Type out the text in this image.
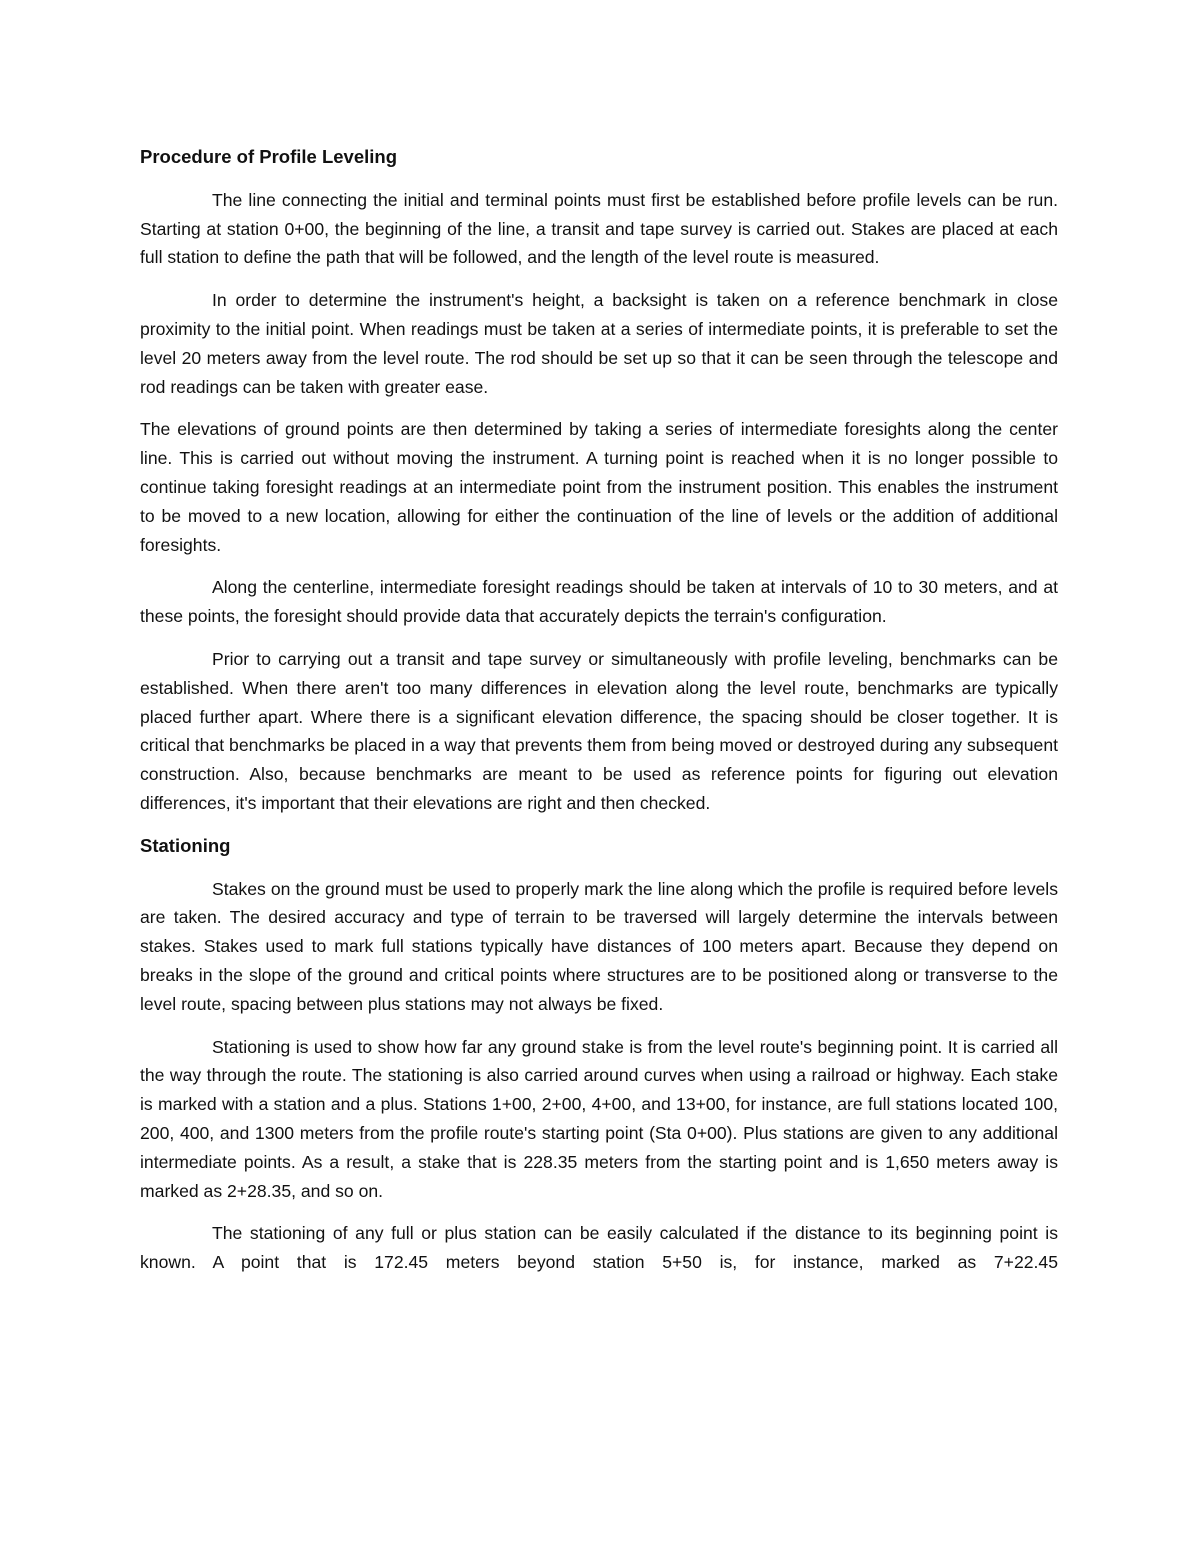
Procedure of Profile Leveling

The line connecting the initial and terminal points must first be established before profile levels can be run. Starting at station 0+00, the beginning of the line, a transit and tape survey is carried out. Stakes are placed at each full station to define the path that will be followed, and the length of the level route is measured.

In order to determine the instrument's height, a backsight is taken on a reference benchmark in close proximity to the initial point. When readings must be taken at a series of intermediate points, it is preferable to set the level 20 meters away from the level route. The rod should be set up so that it can be seen through the telescope and rod readings can be taken with greater ease.

The elevations of ground points are then determined by taking a series of intermediate foresights along the center line. This is carried out without moving the instrument. A turning point is reached when it is no longer possible to continue taking foresight readings at an intermediate point from the instrument position. This enables the instrument to be moved to a new location, allowing for either the continuation of the line of levels or the addition of additional foresights.

Along the centerline, intermediate foresight readings should be taken at intervals of 10 to 30 meters, and at these points, the foresight should provide data that accurately depicts the terrain's configuration.

Prior to carrying out a transit and tape survey or simultaneously with profile leveling, benchmarks can be established. When there aren't too many differences in elevation along the level route, benchmarks are typically placed further apart. Where there is a significant elevation difference, the spacing should be closer together. It is critical that benchmarks be placed in a way that prevents them from being moved or destroyed during any subsequent construction. Also, because benchmarks are meant to be used as reference points for figuring out elevation differences, it's important that their elevations are right and then checked.

Stationing

Stakes on the ground must be used to properly mark the line along which the profile is required before levels are taken. The desired accuracy and type of terrain to be traversed will largely determine the intervals between stakes. Stakes used to mark full stations typically have distances of 100 meters apart. Because they depend on breaks in the slope of the ground and critical points where structures are to be positioned along or transverse to the level route, spacing between plus stations may not always be fixed.

Stationing is used to show how far any ground stake is from the level route's beginning point. It is carried all the way through the route. The stationing is also carried around curves when using a railroad or highway. Each stake is marked with a station and a plus. Stations 1+00, 2+00, 4+00, and 13+00, for instance, are full stations located 100, 200, 400, and 1300 meters from the profile route's starting point (Sta 0+00). Plus stations are given to any additional intermediate points. As a result, a stake that is 228.35 meters from the starting point and is 1,650 meters away is marked as 2+28.35, and so on.

The stationing of any full or plus station can be easily calculated if the distance to its beginning point is known. A point that is 172.45 meters beyond station 5+50 is, for instance, marked as 7+22.45
